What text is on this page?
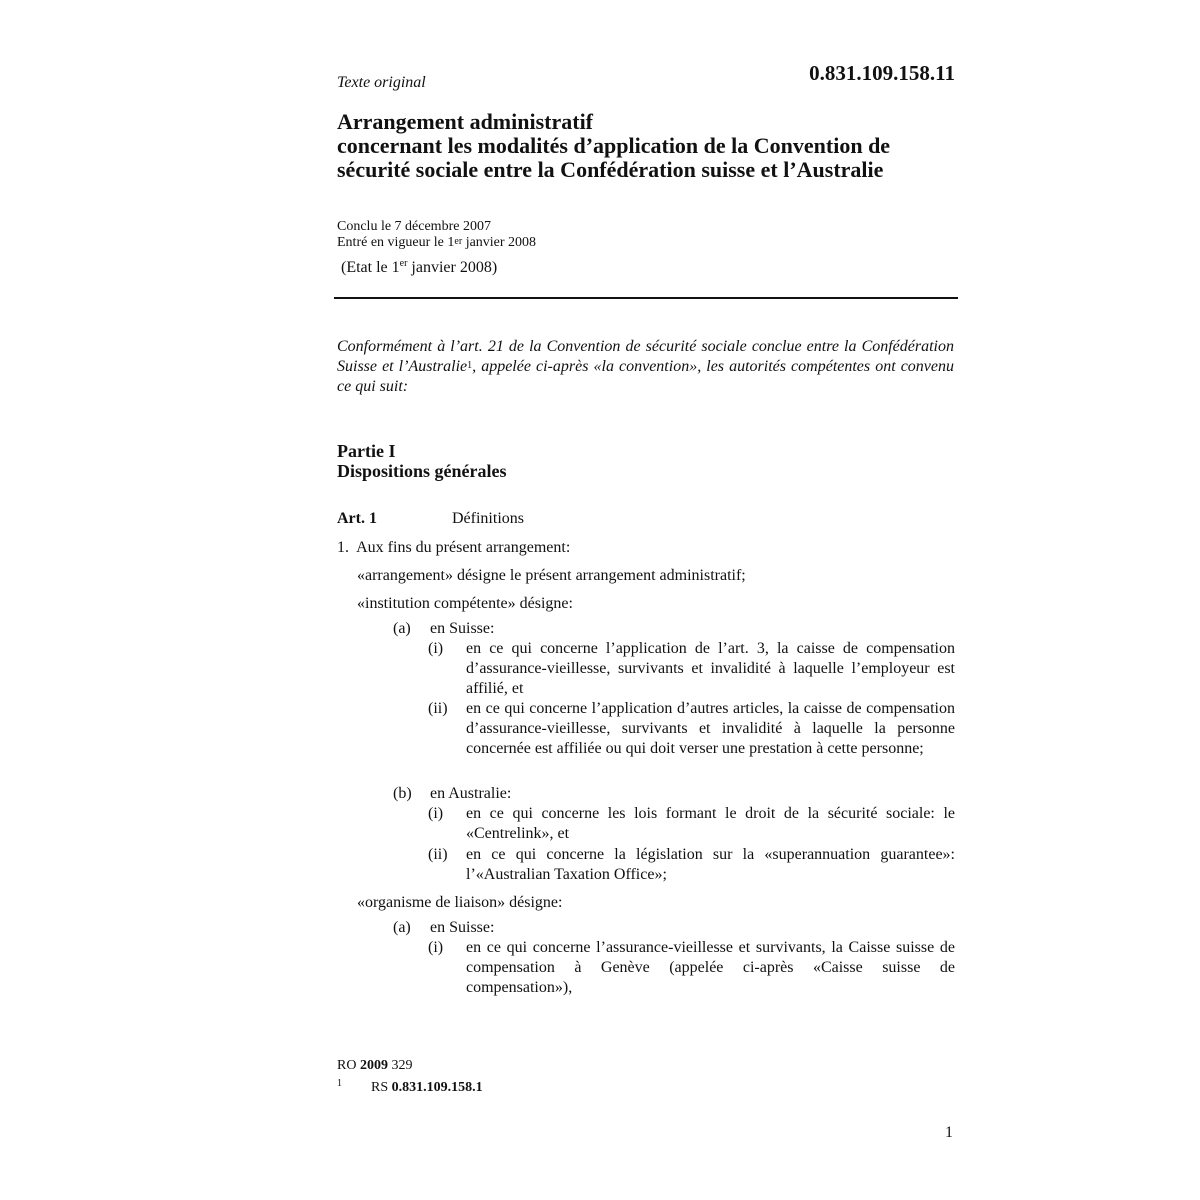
Texte original	0.831.109.158.11
Arrangement administratif
concernant les modalités d’application de la Convention de
sécurité sociale entre la Confédération suisse et l’Australie
Conclu le 7 décembre 2007
Entré en vigueur le 1er janvier 2008
(Etat le 1er janvier 2008)
Conformément à l’art. 21 de la Convention de sécurité sociale conclue entre la Confédération Suisse et l’Australie$^1$, appelée ci-après «la convention», les autorités compétentes ont convenu ce qui suit:
Partie I
Dispositions générales
Art. 1	Définitions
1.  Aux fins du présent arrangement:
«arrangement» désigne le présent arrangement administratif;
«institution compétente» désigne:
(a) en Suisse:
(i) en ce qui concerne l’application de l’art. 3, la caisse de compensation d’assurance-vieillesse, survivants et invalidité à laquelle l’employeur est affilié, et
(ii) en ce qui concerne l’application d’autres articles, la caisse de compensation d’assurance-vieillesse, survivants et invalidité à laquelle la personne concernée est affiliée ou qui doit verser une prestation à cette personne;
(b) en Australie:
(i) en ce qui concerne les lois formant le droit de la sécurité sociale: le «Centrelink», et
(ii) en ce qui concerne la législation sur la «superannuation guarantee»: l’«Australian Taxation Office»;
«organisme de liaison» désigne:
(a) en Suisse:
(i) en ce qui concerne l’assurance-vieillesse et survivants, la Caisse suisse de compensation à Genève (appelée ci-après «Caisse suisse de compensation»),
RO 2009 329
1 RS 0.831.109.158.1
1
